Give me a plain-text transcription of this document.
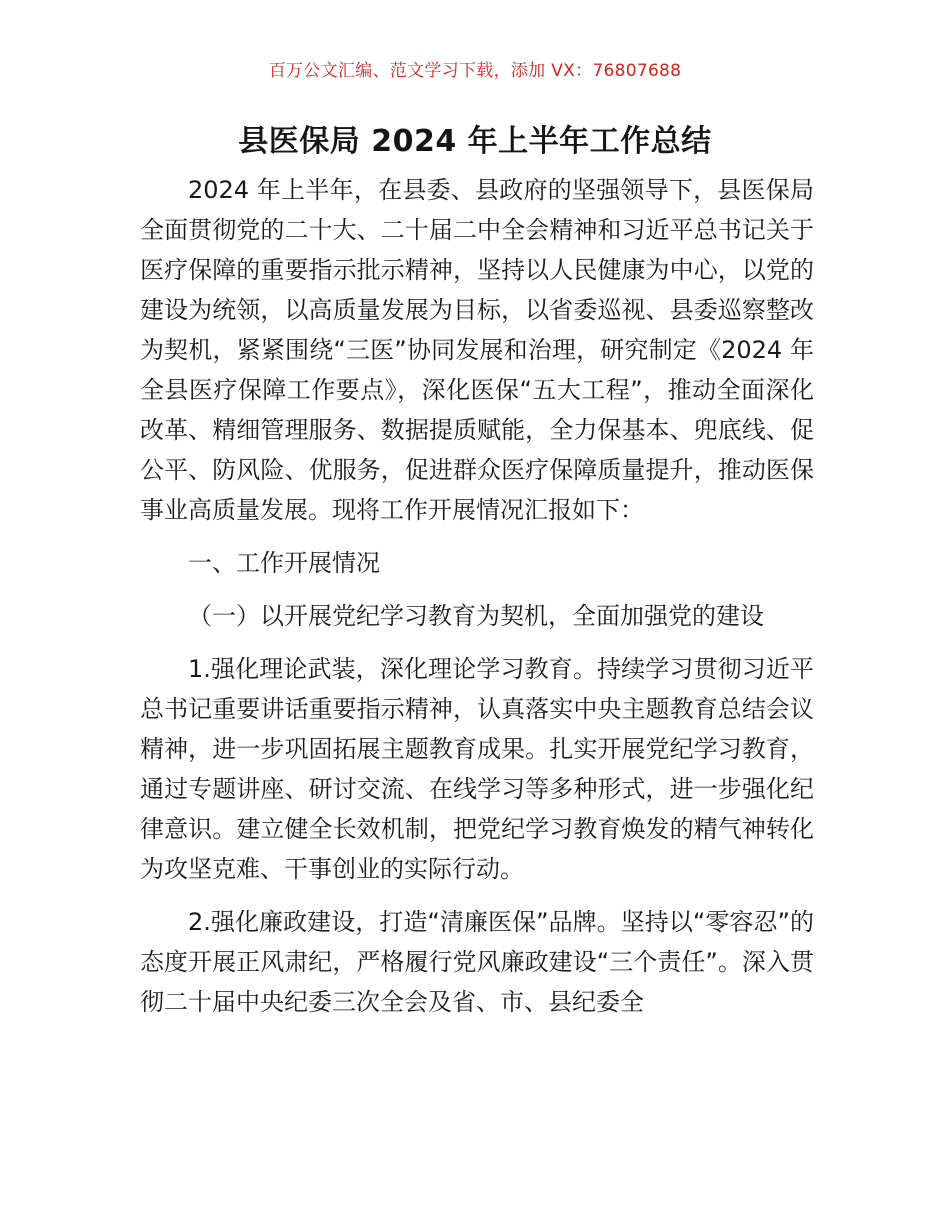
百万公文汇编、范文学习下载，添加 VX：76807688
县医保局 2024 年上半年工作总结

2024 年上半年，在县委、县政府的坚强领导下，县医保局全面贯彻党的二十大、二十届二中全会精神和习近平总书记关于医疗保障的重要指示批示精神，坚持以人民健康为中心，以党的建设为统领，以高质量发展为目标，以省委巡视、县委巡察整改为契机，紧紧围绕“三医”协同发展和治理，研究制定《2024 年全县医疗保障工作要点》，深化医保“五大工程”，推动全面深化改革、精细管理服务、数据提质赋能，全力保基本、兜底线、促公平、防风险、优服务，促进群众医疗保障质量提升，推动医保事业高质量发展。现将工作开展情况汇报如下：

一、工作开展情况

（一）以开展党纪学习教育为契机，全面加强党的建设

1.强化理论武装，深化理论学习教育。持续学习贯彻习近平总书记重要讲话重要指示精神，认真落实中央主题教育总结会议精神，进一步巩固拓展主题教育成果。扎实开展党纪学习教育，通过专题讲座、研讨交流、在线学习等多种形式，进一步强化纪律意识。建立健全长效机制，把党纪学习教育焕发的精气神转化为攻坚克难、干事创业的实际行动。

2.强化廉政建设，打造“清廉医保”品牌。坚持以“零容忍”的态度开展正风肃纪，严格履行党风廉政建设“三个责任”。深入贯彻二十届中央纪委三次全会及省、市、县纪委全
